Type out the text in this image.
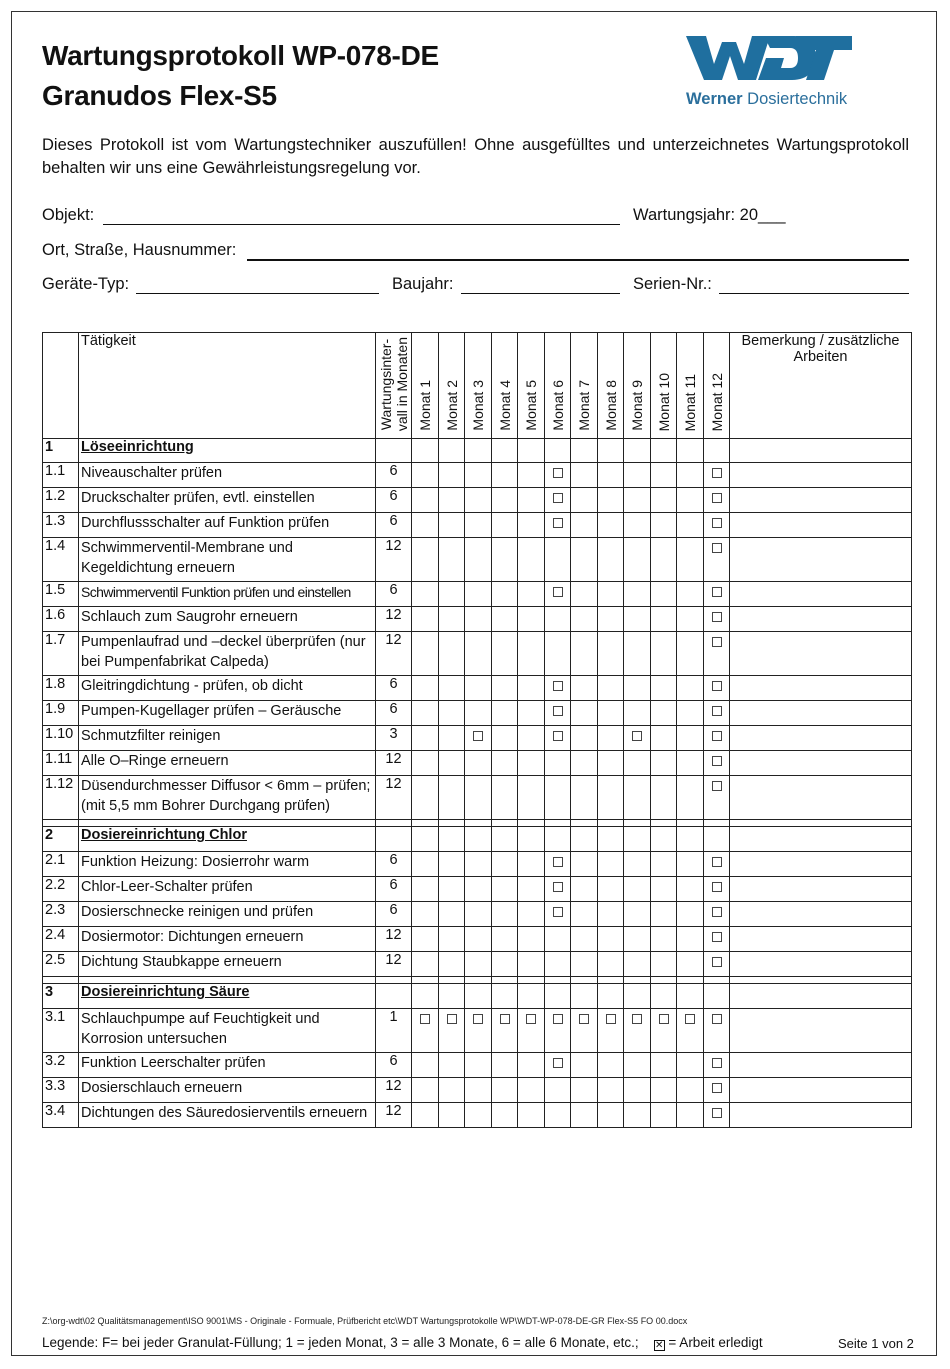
Wartungsprotokoll WP-078-DE
Granudos Flex-S5	Werner Dosiertechnik
Dieses Protokoll ist vom Wartungstechniker auszufüllen! Ohne ausgefülltes und unterzeichnetes Wartungsprotokoll behalten wir uns eine Gewährleistungsregelung vor.
Objekt:	Wartungsjahr: 20___
Ort, Straße, Hausnummer:
Geräte-Typ:	Baujahr:	Serien-Nr.:
	Tätigkeit	Wartungsinter-
vall in Monaten	Monat 1	Monat 2	Monat 3	Monat 4	Monat 5	Monat 6	Monat 7	Monat 8	Monat 9	Monat 10	Monat 11	Monat 12	Bemerkung / zusätzliche Arbeiten
1	Löseeinrichtung														
1.1	Niveauschalter prüfen	6													
1.2	Druckschalter prüfen, evtl. einstellen	6													
1.3	Durchflussschalter auf Funktion prüfen	6													
1.4	Schwimmerventil-Membrane und Kegeldichtung erneuern	12													
1.5	Schwimmerventil Funktion prüfen und einstellen	6													
1.6	Schlauch zum Saugrohr erneuern	12													
1.7	Pumpenlaufrad und –deckel überprüfen (nur bei Pumpenfabrikat Calpeda)	12													
1.8	Gleitringdichtung - prüfen, ob dicht	6													
1.9	Pumpen-Kugellager prüfen – Geräusche	6													
1.10	Schmutzfilter reinigen	3													
1.11	Alle O–Ringe erneuern	12													
1.12	Düsendurchmesser Diffusor < 6mm – prüfen; (mit 5,5 mm Bohrer Durchgang prüfen)	12													

2	Dosiereinrichtung Chlor														
2.1	Funktion Heizung: Dosierrohr warm	6													
2.2	Chlor-Leer-Schalter prüfen	6													
2.3	Dosierschnecke reinigen und prüfen	6													
2.4	Dosiermotor: Dichtungen erneuern	12													
2.5	Dichtung Staubkappe erneuern	12													

3	Dosiereinrichtung Säure														
3.1	Schlauchpumpe auf Feuchtigkeit und Korrosion untersuchen	1													
3.2	Funktion Leerschalter prüfen	6													
3.3	Dosierschlauch erneuern	12													
3.4	Dichtungen des Säuredosierventils erneuern	12													
Z:\org-wdt\02 Qualitätsmanagement\ISO 9001\MS - Originale - Formuale, Prüfbericht etc\WDT Wartungsprotokolle WP\WDT-WP-078-DE-GR Flex-S5 FO 00.docx
Legende: F= bei jeder Granulat-Füllung; 1 = jeden Monat, 3 = alle 3 Monate, 6 = alle 6 Monate, etc.; ✕ = Arbeit erledigt	Seite 1 von 2
